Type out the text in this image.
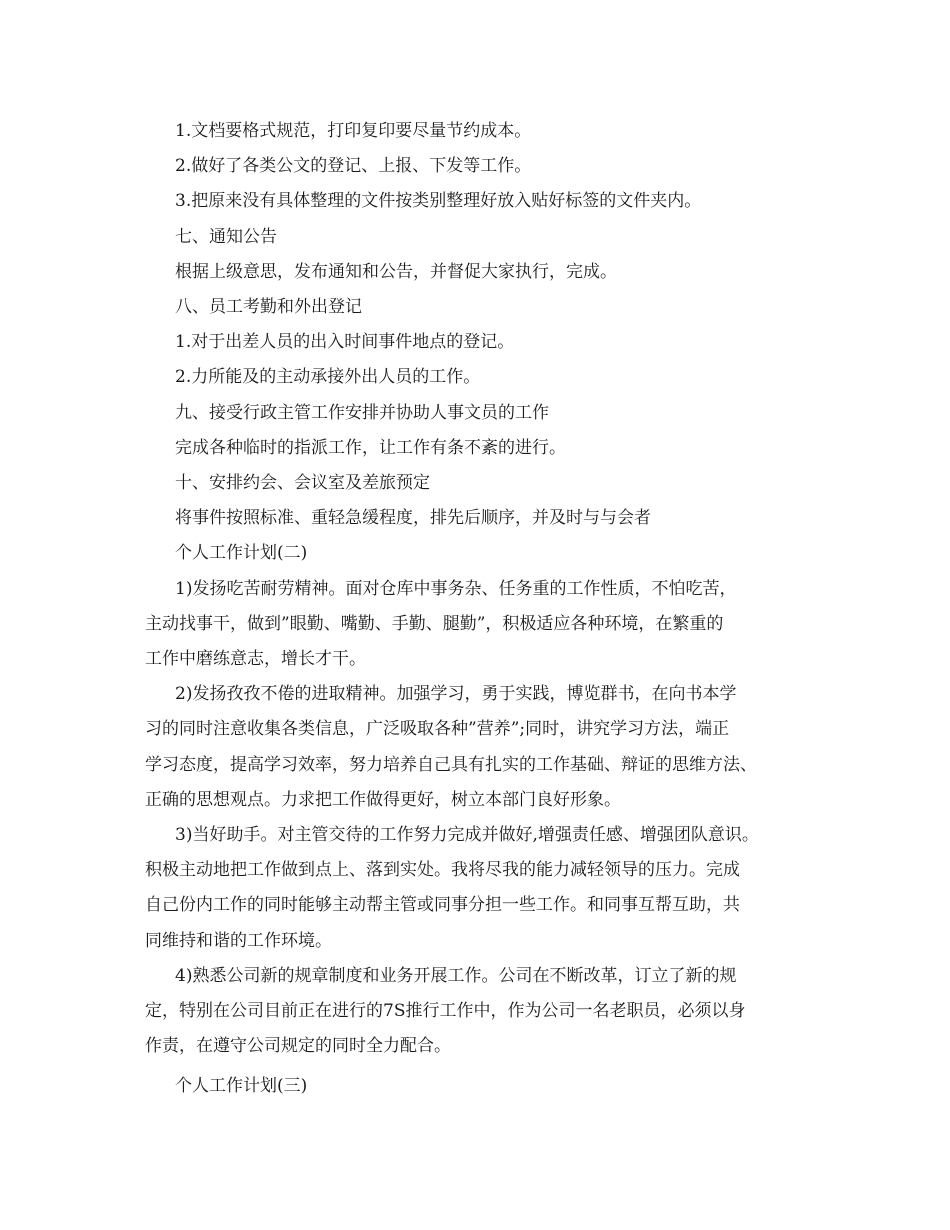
1.文档要格式规范，打印复印要尽量节约成本。
2.做好了各类公文的登记、上报、下发等工作。
3.把原来没有具体整理的文件按类别整理好放入贴好标签的文件夹内。
七、通知公告
根据上级意思，发布通知和公告，并督促大家执行，完成。
八、员工考勤和外出登记
1.对于出差人员的出入时间事件地点的登记。
2.力所能及的主动承接外出人员的工作。
九、接受行政主管工作安排并协助人事文员的工作
完成各种临时的指派工作，让工作有条不紊的进行。
十、安排约会、会议室及差旅预定
将事件按照标准、重轻急缓程度，排先后顺序，并及时与与会者
个人工作计划(二)
1)发扬吃苦耐劳精神。面对仓库中事务杂、任务重的工作性质，不怕吃苦，
主动找事干，做到”眼勤、嘴勤、手勤、腿勤”，积极适应各种环境，在繁重的
工作中磨练意志，增长才干。
2)发扬孜孜不倦的进取精神。加强学习，勇于实践，博览群书，在向书本学
习的同时注意收集各类信息，广泛吸取各种”营养”;同时，讲究学习方法，端正
学习态度，提高学习效率，努力培养自己具有扎实的工作基础、辩证的思维方法、
正确的思想观点。力求把工作做得更好，树立本部门良好形象。
3)当好助手。对主管交待的工作努力完成并做好,增强责任感、增强团队意识。
积极主动地把工作做到点上、落到实处。我将尽我的能力减轻领导的压力。完成
自己份内工作的同时能够主动帮主管或同事分担一些工作。和同事互帮互助，共
同维持和谐的工作环境。
4)熟悉公司新的规章制度和业务开展工作。公司在不断改革，订立了新的规
定，特别在公司目前正在进行的7S推行工作中，作为公司一名老职员，必须以身
作责，在遵守公司规定的同时全力配合。
个人工作计划(三)
